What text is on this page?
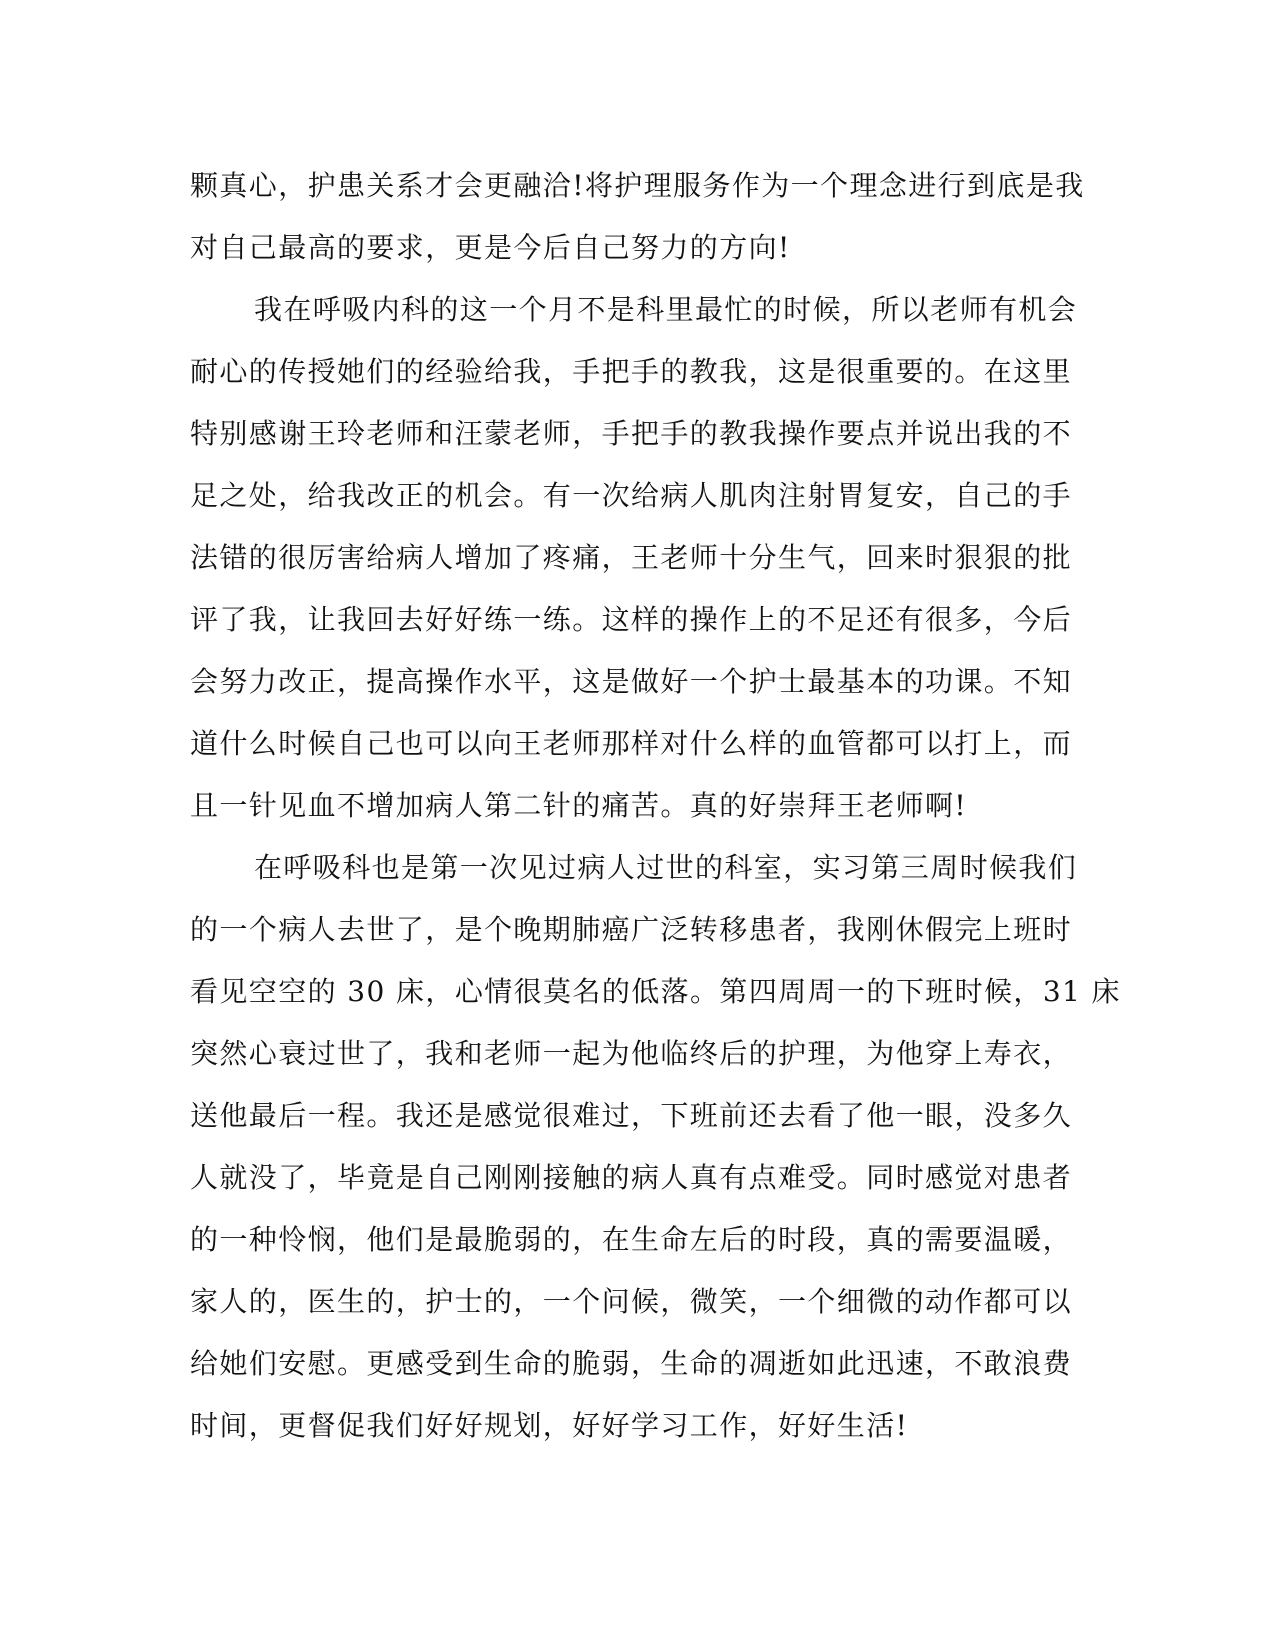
颗真心，护患关系才会更融洽!将护理服务作为一个理念进行到底是我
对自己最高的要求，更是今后自己努力的方向!
我在呼吸内科的这一个月不是科里最忙的时候，所以老师有机会
耐心的传授她们的经验给我，手把手的教我，这是很重要的。在这里
特别感谢王玲老师和汪蒙老师，手把手的教我操作要点并说出我的不
足之处，给我改正的机会。有一次给病人肌肉注射胃复安，自己的手
法错的很厉害给病人增加了疼痛，王老师十分生气，回来时狠狠的批
评了我，让我回去好好练一练。这样的操作上的不足还有很多，今后
会努力改正，提高操作水平，这是做好一个护士最基本的功课。不知
道什么时候自己也可以向王老师那样对什么样的血管都可以打上，而
且一针见血不增加病人第二针的痛苦。真的好崇拜王老师啊!
在呼吸科也是第一次见过病人过世的科室，实习第三周时候我们
的一个病人去世了，是个晚期肺癌广泛转移患者，我刚休假完上班时
看见空空的 30 床，心情很莫名的低落。第四周周一的下班时候，31 床
突然心衰过世了，我和老师一起为他临终后的护理，为他穿上寿衣，
送他最后一程。我还是感觉很难过，下班前还去看了他一眼，没多久
人就没了，毕竟是自己刚刚接触的病人真有点难受。同时感觉对患者
的一种怜悯，他们是最脆弱的，在生命左后的时段，真的需要温暖，
家人的，医生的，护士的，一个问候，微笑，一个细微的动作都可以
给她们安慰。更感受到生命的脆弱，生命的凋逝如此迅速，不敢浪费
时间，更督促我们好好规划，好好学习工作，好好生活!
